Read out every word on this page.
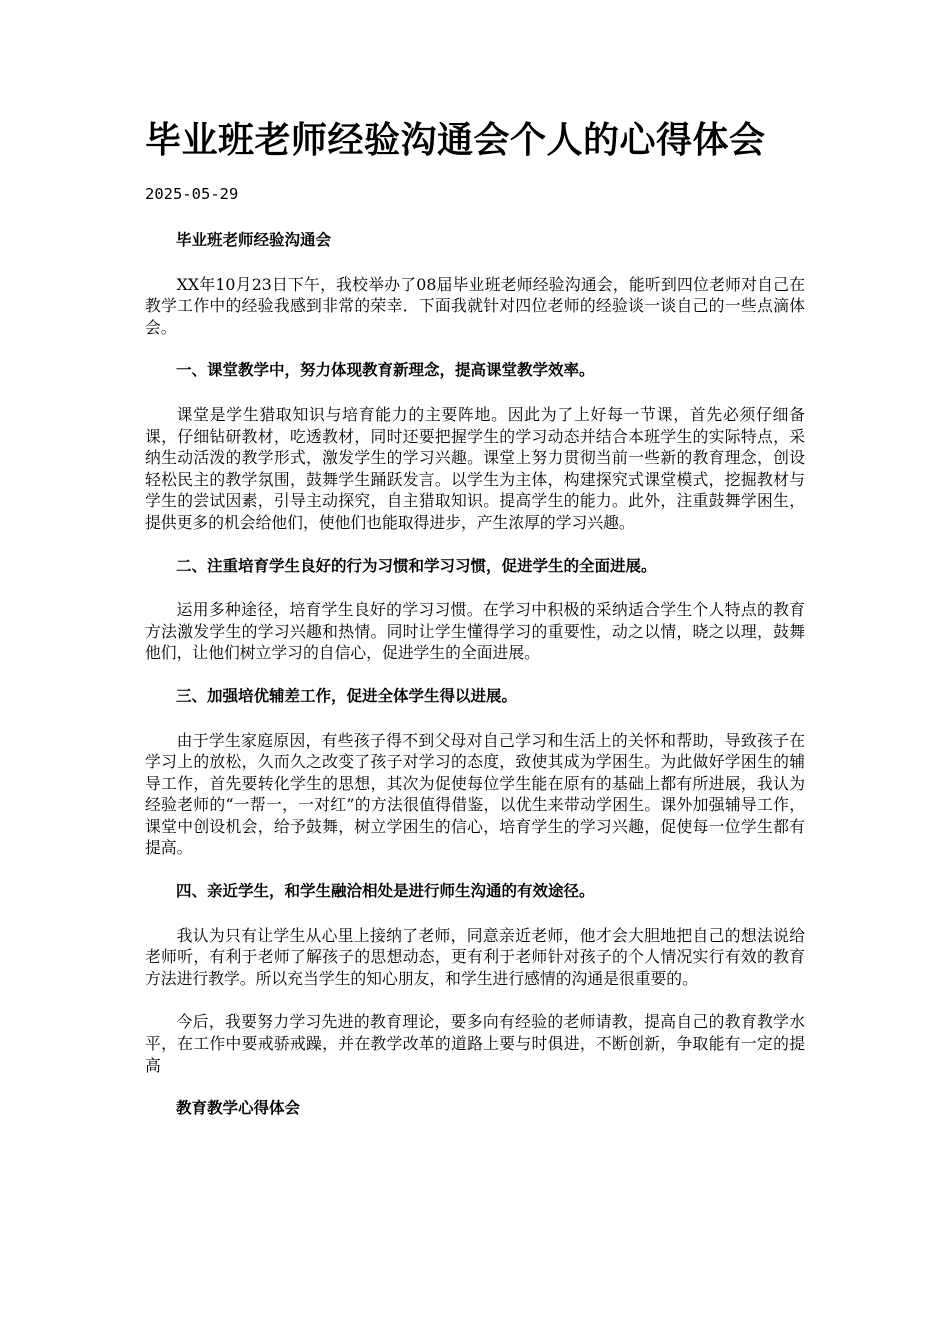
毕业班老师经验沟通会个人的心得体会
2025-05-29
毕业班老师经验沟通会
XX年10月23日下午，我校举办了08届毕业班老师经验沟通会，能听到四位老师对自己在教学工作中的经验我感到非常的荣幸．下面我就针对四位老师的经验谈一谈自己的一些点滴体会。
一、课堂教学中，努力体现教育新理念，提高课堂教学效率。
课堂是学生猎取知识与培育能力的主要阵地。因此为了上好每一节课，首先必须仔细备课，仔细钻研教材，吃透教材，同时还要把握学生的学习动态并结合本班学生的实际特点，采纳生动活泼的教学形式，激发学生的学习兴趣。课堂上努力贯彻当前一些新的教育理念，创设轻松民主的教学氛围，鼓舞学生踊跃发言。以学生为主体，构建探究式课堂模式，挖掘教材与学生的尝试因素，引导主动探究，自主猎取知识。提高学生的能力。此外，注重鼓舞学困生，提供更多的机会给他们，使他们也能取得进步，产生浓厚的学习兴趣。
二、注重培育学生良好的行为习惯和学习习惯，促进学生的全面进展。
运用多种途径，培育学生良好的学习习惯。在学习中积极的采纳适合学生个人特点的教育方法激发学生的学习兴趣和热情。同时让学生懂得学习的重要性，动之以情，晓之以理，鼓舞他们，让他们树立学习的自信心，促进学生的全面进展。
三、加强培优辅差工作，促进全体学生得以进展。
由于学生家庭原因，有些孩子得不到父母对自己学习和生活上的关怀和帮助，导致孩子在学习上的放松，久而久之改变了孩子对学习的态度，致使其成为学困生。为此做好学困生的辅导工作，首先要转化学生的思想，其次为促使每位学生能在原有的基础上都有所进展，我认为经验老师的“一帮一，一对红”的方法很值得借鉴，以优生来带动学困生。课外加强辅导工作，课堂中创设机会，给予鼓舞，树立学困生的信心，培育学生的学习兴趣，促使每一位学生都有提高。
四、亲近学生，和学生融洽相处是进行师生沟通的有效途径。
我认为只有让学生从心里上接纳了老师，同意亲近老师，他才会大胆地把自己的想法说给老师听，有利于老师了解孩子的思想动态，更有利于老师针对孩子的个人情况实行有效的教育方法进行教学。所以充当学生的知心朋友，和学生进行感情的沟通是很重要的。
今后，我要努力学习先进的教育理论，要多向有经验的老师请教，提高自己的教育教学水平，在工作中要戒骄戒躁，并在教学改革的道路上要与时俱进，不断创新，争取能有一定的提高
教育教学心得体会
